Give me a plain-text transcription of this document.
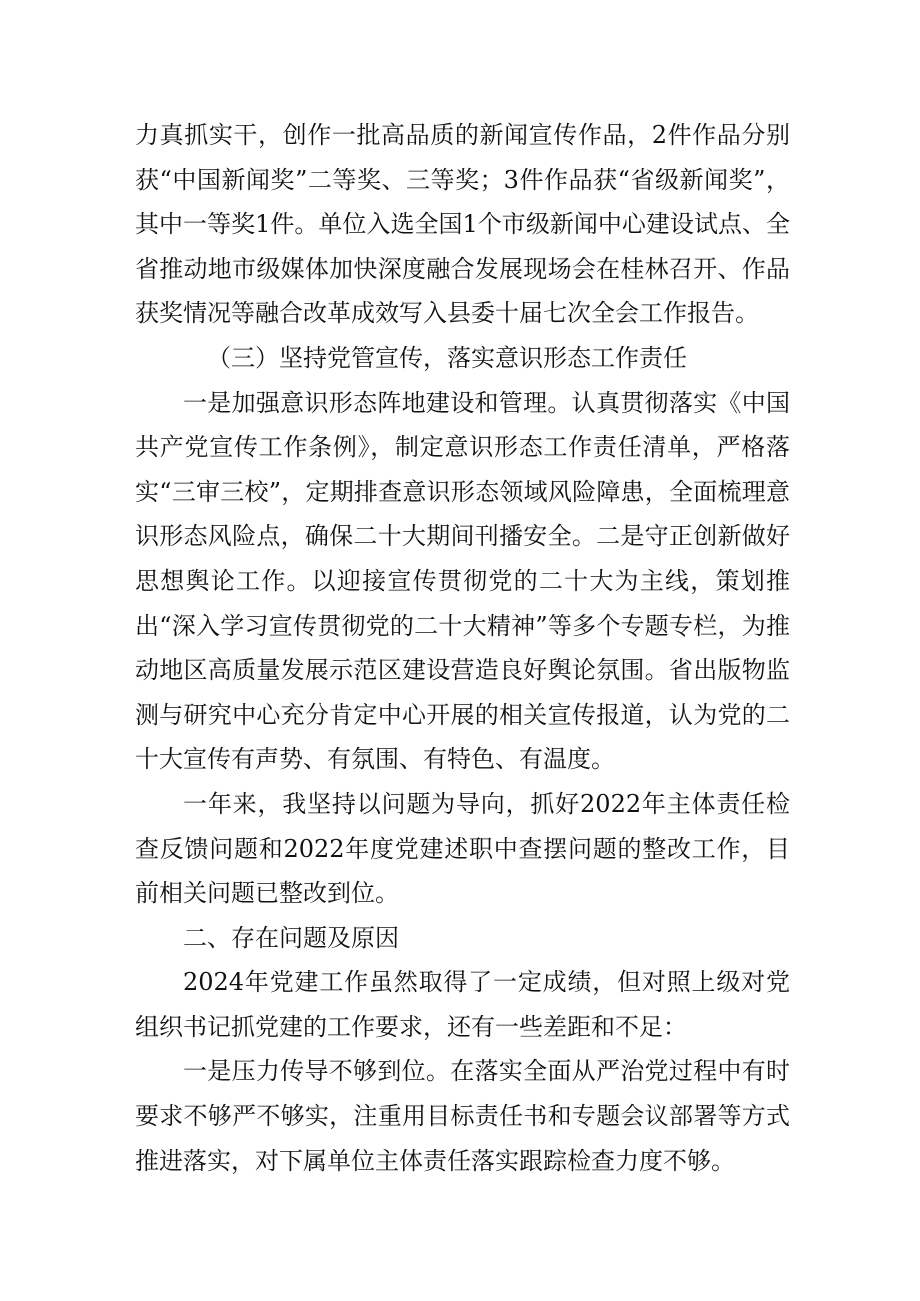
力真抓实干，创作一批高品质的新闻宣传作品，2件作品分别获“中国新闻奖”二等奖、三等奖；3件作品获“省级新闻奖”，其中一等奖1件。单位入选全国1个市级新闻中心建设试点、全省推动地市级媒体加快深度融合发展现场会在桂林召开、作品获奖情况等融合改革成效写入县委十届七次全会工作报告。

（三）坚持党管宣传，落实意识形态工作责任

一是加强意识形态阵地建设和管理。认真贯彻落实《中国共产党宣传工作条例》，制定意识形态工作责任清单，严格落实“三审三校”，定期排查意识形态领域风险障患，全面梳理意识形态风险点，确保二十大期间刊播安全。二是守正创新做好思想舆论工作。以迎接宣传贯彻党的二十大为主线，策划推出“深入学习宣传贯彻党的二十大精神”等多个专题专栏，为推动地区高质量发展示范区建设营造良好舆论氛围。省出版物监测与研究中心充分肯定中心开展的相关宣传报道，认为党的二十大宣传有声势、有氛围、有特色、有温度。

一年来，我坚持以问题为导向，抓好2022年主体责任检查反馈问题和2022年度党建述职中查摆问题的整改工作，目前相关问题已整改到位。

二、存在问题及原因

2024年党建工作虽然取得了一定成绩，但对照上级对党组织书记抓党建的工作要求，还有一些差距和不足：

一是压力传导不够到位。在落实全面从严治党过程中有时要求不够严不够实，注重用目标责任书和专题会议部署等方式推进落实，对下属单位主体责任落实跟踪检查力度不够。
